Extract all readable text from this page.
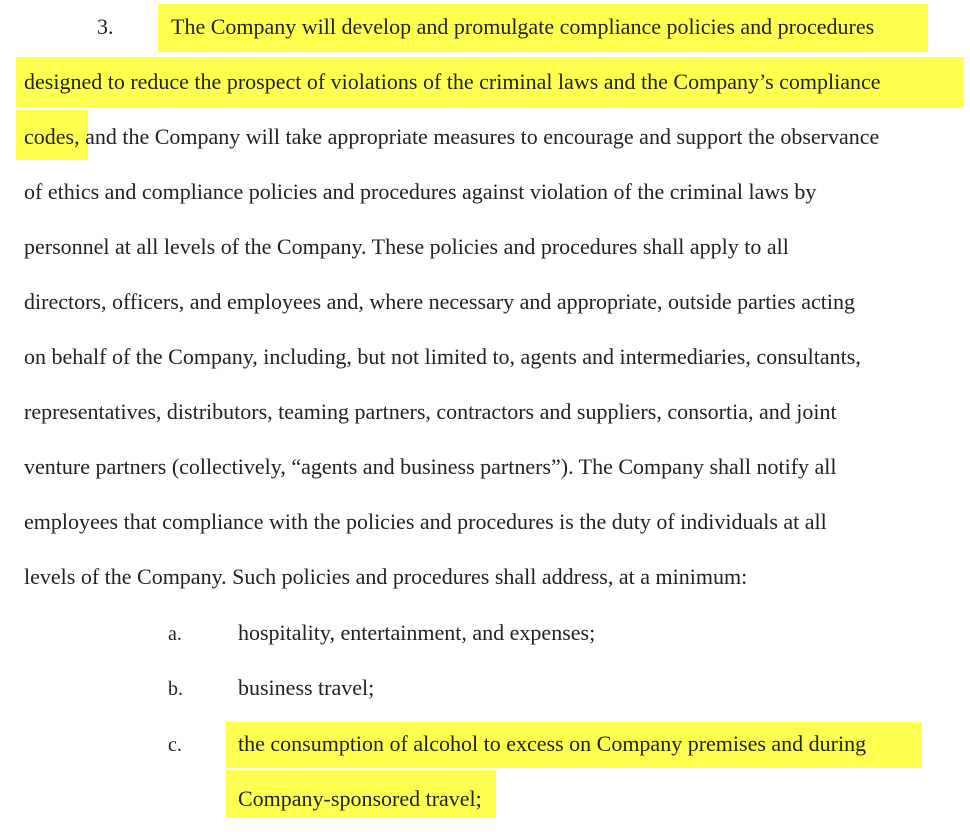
3.	The Company will develop and promulgate compliance policies and procedures
designed to reduce the prospect of violations of the criminal laws and the Company’s compliance
codes, and the Company will take appropriate measures to encourage and support the observance
of ethics and compliance policies and procedures against violation of the criminal laws by
personnel at all levels of the Company. These policies and procedures shall apply to all
directors, officers, and employees and, where necessary and appropriate, outside parties acting
on behalf of the Company, including, but not limited to, agents and intermediaries, consultants,
representatives, distributors, teaming partners, contractors and suppliers, consortia, and joint
venture partners (collectively, “agents and business partners”). The Company shall notify all
employees that compliance with the policies and procedures is the duty of individuals at all
levels of the Company. Such policies and procedures shall address, at a minimum:
a.	hospitality, entertainment, and expenses;
b.	business travel;
c.	the consumption of alcohol to excess on Company premises and during
Company-sponsored travel;
